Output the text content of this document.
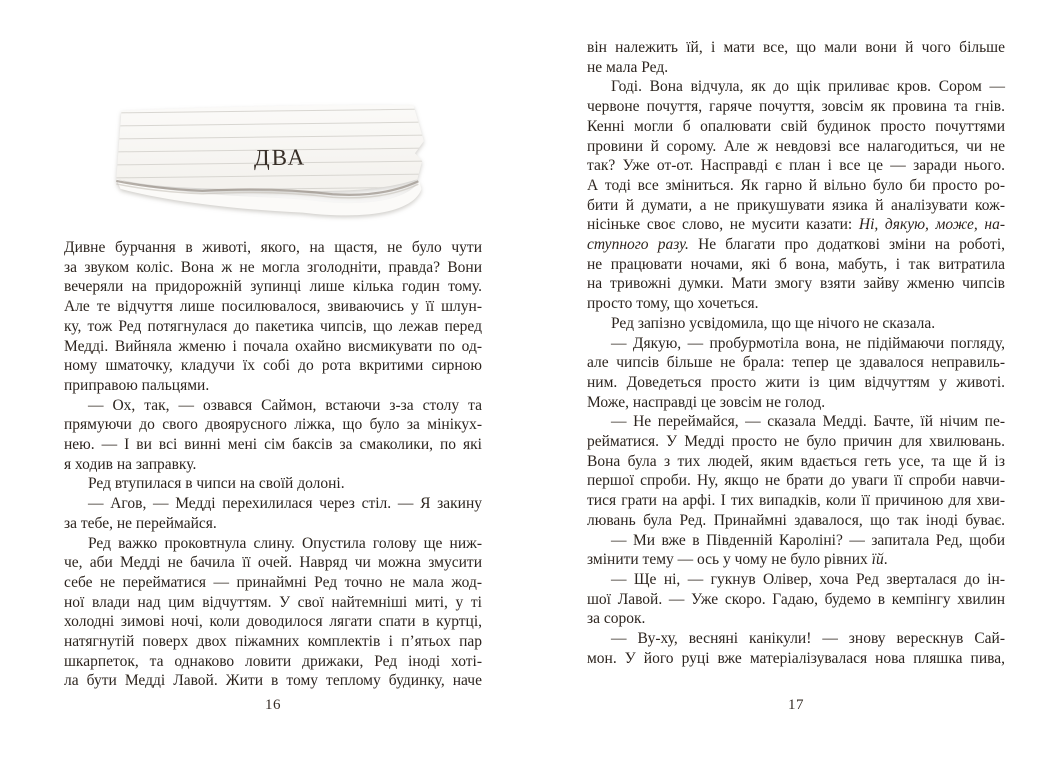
ДВА
Дивне бурчання в животі, якого, на щастя, не було чути
за звуком коліс. Вона ж не могла зголодніти, правда? Вони
вечеряли на придорожній зупинці лише кілька годин тому.
Але те відчуття лише посилювалося, звиваючись у її шлун-
ку, тож Ред потягнулася до пакетика чипсів, що лежав перед
Медді. Вийняла жменю і почала охайно висмикувати по од-
ному шматочку, кладучи їх собі до рота вкритими сирною
приправою пальцями.
— Ох, так, — озвався Саймон, встаючи з-за столу та
прямуючи до свого двоярусного ліжка, що було за мінікух-
нею. — І ви всі винні мені сім баксів за смаколики, по які
я ходив на заправку.
Ред втупилася в чипси на своїй долоні.
— Агов, — Медді перехилилася через стіл. — Я закину
за тебе, не переймайся.
Ред важко проковтнула слину. Опустила голову ще ниж-
че, аби Медді не бачила її очей. Навряд чи можна змусити
себе не перейматися — принаймні Ред точно не мала жод-
ної влади над цим відчуттям. У свої найтемніші миті, у ті
холодні зимові ночі, коли доводилося лягати спати в куртці,
натягнутій поверх двох піжамних комплектів і п’ятьох пар
шкарпеток, та однаково ловити дрижаки, Ред іноді хоті-
ла бути Медді Лавой. Жити в тому теплому будинку, наче
16
він належить їй, і мати все, що мали вони й чого більше
не мала Ред.
Годі. Вона відчула, як до щік приливає кров. Сором —
червоне почуття, гаряче почуття, зовсім як провина та гнів.
Кенні могли б опалювати свій будинок просто почуттями
провини й сорому. Але ж невдовзі все налагодиться, чи не
так? Уже от-от. Насправді є план і все це — заради нього.
А тоді все зміниться. Як гарно й вільно було би просто ро-
бити й думати, а не прикушувати язика й аналізувати кож-
нісіньке своє слово, не мусити казати: Ні, дякую, може, на-
ступного разу. Не благати про додаткові зміни на роботі,
не працювати ночами, які б вона, мабуть, і так витратила
на тривожні думки. Мати змогу взяти зайву жменю чипсів
просто тому, що хочеться.
Ред запізно усвідомила, що ще нічого не сказала.
— Дякую, — пробурмотіла вона, не підіймаючи погляду,
але чипсів більше не брала: тепер це здавалося неправиль-
ним. Доведеться просто жити із цим відчуттям у животі.
Може, насправді це зовсім не голод.
— Не переймайся, — сказала Медді. Бачте, їй нічим пе-
рейматися. У Медді просто не було причин для хвилювань.
Вона була з тих людей, яким вдається геть усе, та ще й із
першої спроби. Ну, якщо не брати до уваги її спроби навчи-
тися грати на арфі. І тих випадків, коли її причиною для хви-
лювань була Ред. Принаймні здавалося, що так іноді буває.
— Ми вже в Південній Кароліні? — запитала Ред, щоби
змінити тему — ось у чому не було рівних їй.
— Ще ні, — гукнув Олівер, хоча Ред зверталася до ін-
шої Лавой. — Уже скоро. Гадаю, будемо в кемпінгу хвилин
за сорок.
— Ву-ху, весняні канікули! — знову верескнув Сай-
мон. У його руці вже матеріалізувалася нова пляшка пива,
17
